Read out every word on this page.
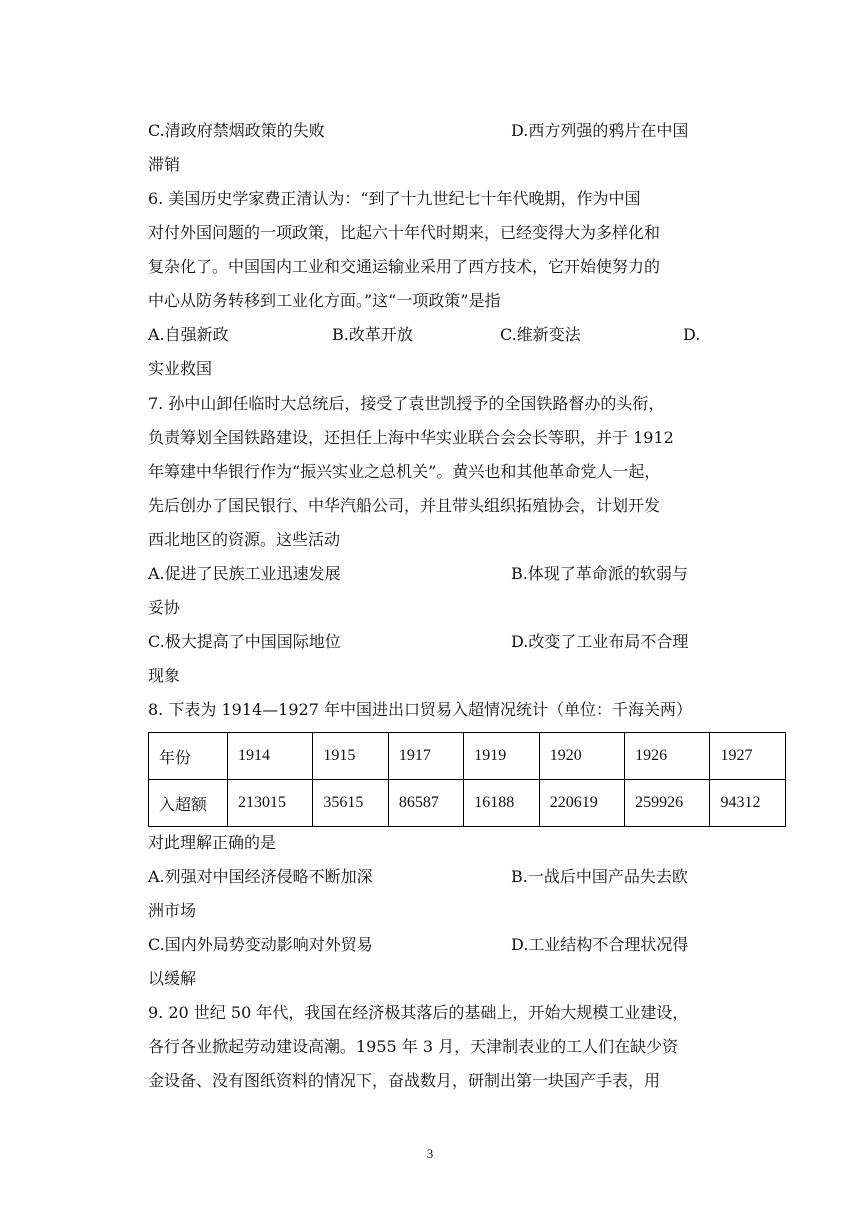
C.清政府禁烟政策的失败	D.西方列强的鸦片在中国
滞销
6. 美国历史学家费正清认为：“到了十九世纪七十年代晚期，作为中国
对付外国问题的一项政策，比起六十年代时期来，已经变得大为多样化和
复杂化了。中国国内工业和交通运输业采用了西方技术，它开始使努力的
中心从防务转移到工业化方面。”这“一项政策”是指
A.自强新政	B.改革开放	C.维新变法	D.
实业救国
7. 孙中山卸任临时大总统后，接受了袁世凯授予的全国铁路督办的头衔，
负责筹划全国铁路建设，还担任上海中华实业联合会会长等职，并于 1912
年筹建中华银行作为“振兴实业之总机关”。黄兴也和其他革命党人一起，
先后创办了国民银行、中华汽船公司，并且带头组织拓殖协会，计划开发
西北地区的资源。这些活动
A.促进了民族工业迅速发展	B.体现了革命派的软弱与
妥协
C.极大提高了中国国际地位	D.改变了工业布局不合理
现象
8. 下表为 1914—1927 年中国进出口贸易入超情况统计（单位：千海关两）
年份	1914	1915	1917	1919	1920	1926	1927
入超额	213015	35615	86587	16188	220619	259926	94312
对此理解正确的是
A.列强对中国经济侵略不断加深	B.一战后中国产品失去欧
洲市场
C.国内外局势变动影响对外贸易	D.工业结构不合理状况得
以缓解
9. 20 世纪 50 年代，我国在经济极其落后的基础上，开始大规模工业建设，
各行各业掀起劳动建设高潮。1955 年 3 月，天津制表业的工人们在缺少资
金设备、没有图纸资料的情况下，奋战数月，研制出第一块国产手表，用
3
